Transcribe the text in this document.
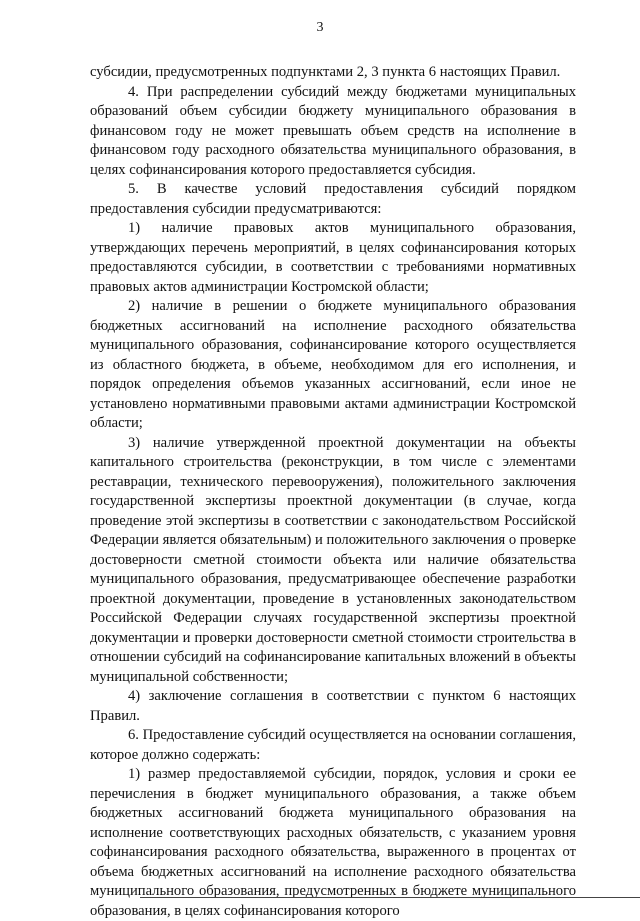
3

субсидии, предусмотренных подпунктами 2, 3 пункта 6 настоящих Правил.

4. При распределении субсидий между бюджетами муниципальных образований объем субсидии бюджету муниципального образования в финансовом году не может превышать объем средств на исполнение в финансовом году расходного обязательства муниципального образования, в целях софинансирования которого предоставляется субсидия.

5. В качестве условий предоставления субсидий порядком предоставления субсидии предусматриваются:

1) наличие правовых актов муниципального образования, утверждающих перечень мероприятий, в целях софинансирования которых предоставляются субсидии, в соответствии с требованиями нормативных правовых актов администрации Костромской области;

2) наличие в решении о бюджете муниципального образования бюджетных ассигнований на исполнение расходного обязательства муниципального образования, софинансирование которого осуществляется из областного бюджета, в объеме, необходимом для его исполнения, и порядок определения объемов указанных ассигнований, если иное не установлено нормативными правовыми актами администрации Костромской области;

3) наличие утвержденной проектной документации на объекты капитального строительства (реконструкции, в том числе с элементами реставрации, технического перевооружения), положительного заключения государственной экспертизы проектной документации (в случае, когда проведение этой экспертизы в соответствии с законодательством Российской Федерации является обязательным) и положительного заключения о проверке достоверности сметной стоимости объекта или наличие обязательства муниципального образования, предусматривающее обеспечение разработки проектной документации, проведение в установленных законодательством Российской Федерации случаях государственной экспертизы проектной документации и проверки достоверности сметной стоимости строительства в отношении субсидий на софинансирование капитальных вложений в объекты муниципальной собственности;

4) заключение соглашения в соответствии с пунктом 6 настоящих Правил.

6. Предоставление субсидий осуществляется на основании соглашения, которое должно содержать:

1) размер предоставляемой субсидии, порядок, условия и сроки ее перечисления в бюджет муниципального образования, а также объем бюджетных ассигнований бюджета муниципального образования на исполнение соответствующих расходных обязательств, с указанием уровня софинансирования расходного обязательства, выраженного в процентах от объема бюджетных ассигнований на исполнение расходного обязательства муниципального образования, предусмотренных в бюджете муниципального образования, в целях софинансирования которого
